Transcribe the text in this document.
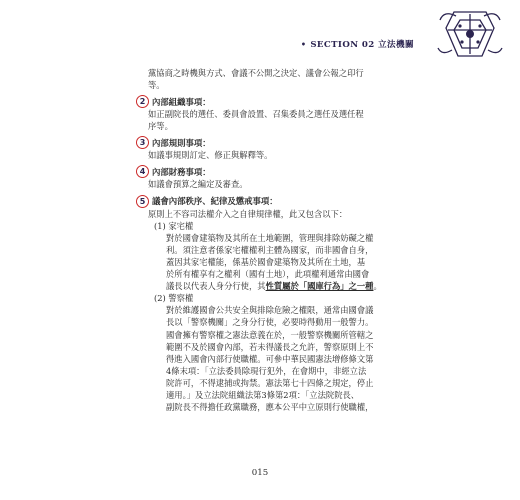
• SECTION 02 立法機關
黨協商之時機與方式、會議不公開之決定、議會公報之印行
等。
2 內部組織事項：
如正副院長的選任、委員會設置、召集委員之選任及選任程
序等。
3 內部規則事項：
如議事規則訂定、修正與解釋等。
4 內部財務事項：
如議會預算之編定及審查。
5 議會內部秩序、紀律及懲戒事項：
原則上不容司法權介入之自律規律權，此又包含以下：
(1) 家宅權
對於國會建築物及其所在土地範圍，管理與排除妨礙之權
利。須注意者係家宅權權利主體為國家，而非國會自身，
蓋因其家宅權能，係基於國會建築物及其所在土地，基
於所有權享有之權利（國有土地），此項權利通常由國會
議長以代表人身分行使，其性質屬於「國庫行為」之一種。
(2) 警察權
對於維護國會公共安全與排除危險之權限，通常由國會議
長以「警察機關」之身分行使，必要時得動用一般警力。
國會擁有警察權之憲法意義在於，一般警察機關所管轄之
範圍不及於國會內部，若未得議長之允許，警察原則上不
得進入國會內部行使職權。可參中華民國憲法增修條文第
4條末項：「立法委員除現行犯外，在會期中，非經立法
院許可，不得逮捕或拘禁。憲法第七十四條之規定，停止
適用。」及立法院組織法第3條第2項：「立法院院長、
副院長不得擔任政黨職務，應本公平中立原則行使職權，
015
